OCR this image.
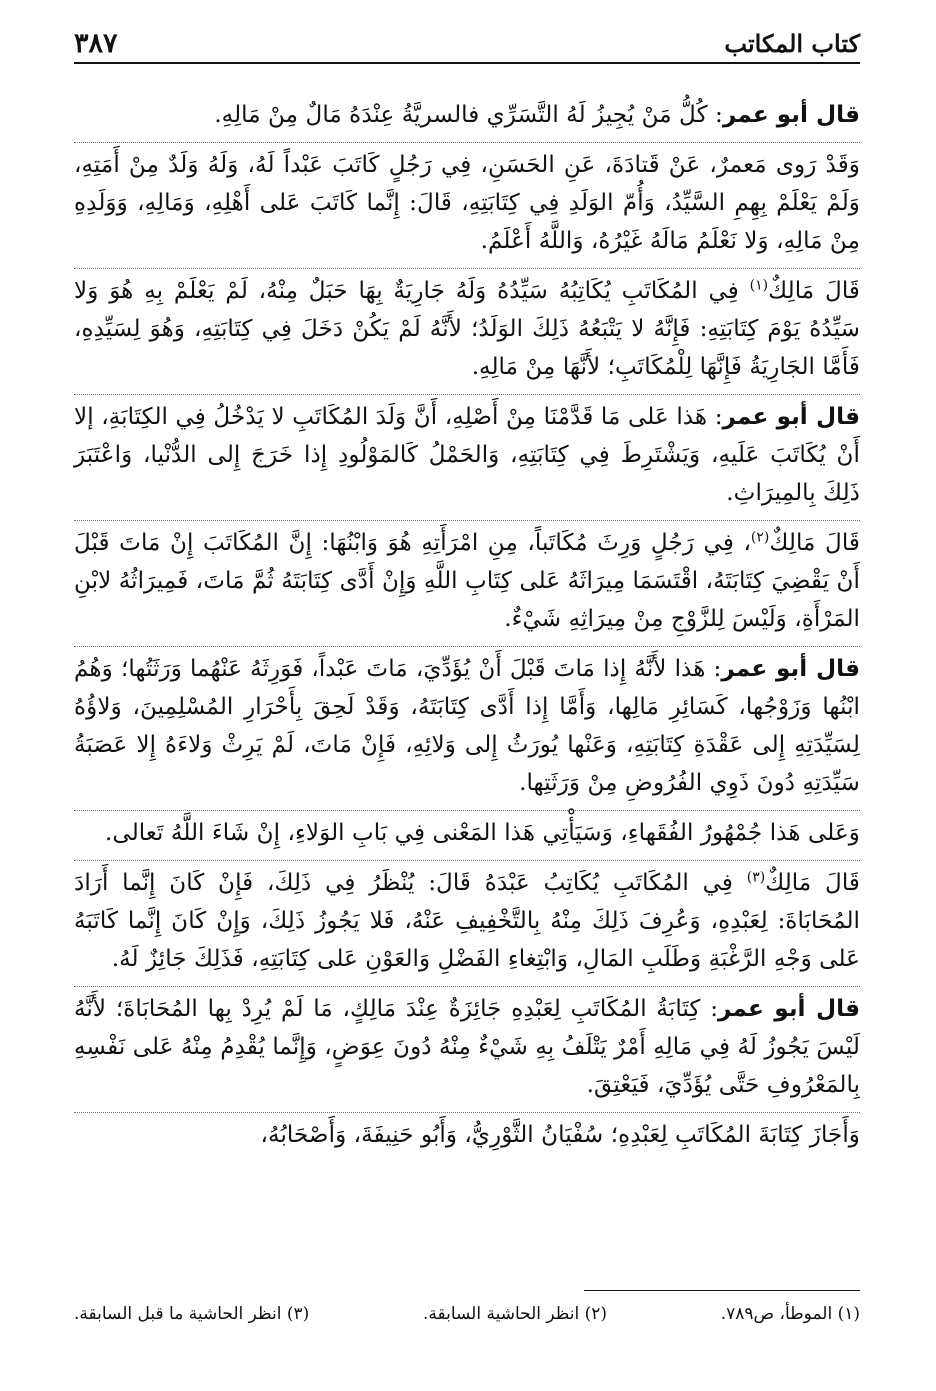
كتاب المكاتب
٣٨٧

قال أبو عمر: كُلُّ مَنْ يُجِيزُ لَهُ التَّسَرِّي فالسريَّةُ عِنْدَهُ مَالٌ مِنْ مَالِهِ.

وَقَدْ رَوى مَعمرٌ، عَنْ قَتادَةَ، عَنِ الحَسَنِ، فِي رَجُلٍ كَاتَبَ عَبْداً لَهُ، وَلَهُ وَلَدٌ مِنْ أَمَتِهِ، وَلَمْ يَعْلَمْ بِهِمِ السَّيِّدُ، وَأُمّ الوَلَدِ فِي كِتَابَتِهِ، قَالَ: إِنَّما كَاتَبَ عَلى أَهْلِهِ، وَمَالِهِ، وَوَلَدِهِ مِنْ مَالِهِ، وَلا نَعْلَمُ مَالَهُ غَيْرُهُ، وَاللَّهُ أَعْلَمُ.

قَالَ مَالِكٌ$^{(١)}$ فِي المُكَاتَبِ يُكَاتِبُهُ سَيِّدُهُ وَلَهُ جَارِيَةٌ بِهَا حَبَلٌ مِنْهُ، لَمْ يَعْلَمْ بِهِ هُوَ وَلا سَيِّدُهُ يَوْمَ كِتَابَتِهِ: فَإِنَّهُ لا يَتْبَعُهُ ذَلِكَ الوَلَدُ؛ لأَنَّهُ لَمْ يَكُنْ دَخَلَ فِي كِتَابَتِهِ، وَهُوَ لِسَيِّدِهِ، فَأَمَّا الجَارِيَةُ فَإِنَّهَا لِلْمُكَاتَبِ؛ لأَنَّهَا مِنْ مَالِهِ.

قال أبو عمر: هَذا عَلى مَا قَدَّمْنَا مِنْ أَصْلِهِ، أَنَّ وَلَدَ المُكَاتَبِ لا يَدْخُلُ فِي الكِتَابَةِ، إلا أَنْ يُكَاتَبَ عَلَيهِ، وَيَشْتَرِطَ فِي كِتَابَتِهِ، وَالحَمْلُ كَالمَوْلُودِ إِذا خَرَجَ إِلى الدُّنْيا، وَاعْتَبَرَ ذَلِكَ بِالمِيرَاثِ.

قَالَ مَالِكٌ$^{(٢)}$، فِي رَجُلٍ وَرِثَ مُكَاتَباً، مِنِ امْرَأَتِهِ هُوَ وَابْنُهَا: إِنَّ المُكَاتَبَ إِنْ مَاتَ قَبْلَ أَنْ يَقْضِيَ كِتَابَتَهُ، اقْتَسَمَا مِيرَاثَهُ عَلى كِتَابِ اللَّهِ وَإِنْ أَدَّى كِتَابَتَهُ ثُمَّ مَاتَ، فَمِيرَاثُهُ لابْنِ المَرْأَةِ، وَلَيْسَ لِلزَّوْجِ مِنْ مِيرَاثِهِ شَيْءٌ.

قال أبو عمر: هَذا لأَنَّهُ إِذا مَاتَ قَبْلَ أَنْ يُؤَدِّيَ، مَاتَ عَبْداً، فَوَرِثَهُ عَنْهُما وَرَثَتُها؛ وَهُمُ ابْنُها وَزَوْجُها، كَسَائِرِ مَالِها، وَأَمَّا إِذا أَدَّى كِتَابَتَهُ، وَقَدْ لَحِقَ بِأَحْرَارِ المُسْلِمِينَ، وَلاؤُهُ لِسَيِّدَتِهِ إِلى عَقْدَةِ كِتَابَتِهِ، وَعَنْها يُورَثُ إِلى وَلائِهِ، فَإِنْ مَاتَ، لَمْ يَرِثْ وَلاءَهُ إِلا عَصَبَةُ سَيِّدَتِهِ دُونَ ذَوِي الفُرُوضِ مِنْ وَرَثَتِها.

وَعَلى هَذا جُمْهُورُ الفُقَهاءِ، وَسَيَأْتِي هَذا المَعْنى فِي بَابِ الوَلاءِ، إِنْ شَاءَ اللَّهُ تَعالى.

قَالَ مَالِكٌ$^{(٣)}$ فِي المُكَاتَبِ يُكَاتِبُ عَبْدَهُ قَالَ: يُنْظَرُ فِي ذَلِكَ، فَإِنْ كَانَ إِنَّما أَرَادَ المُحَابَاةَ: لِعَبْدِهِ، وَعُرِفَ ذَلِكَ مِنْهُ بِالتَّخْفِيفِ عَنْهُ، فَلا يَجُوزُ ذَلِكَ، وَإِنْ كَانَ إِنَّما كَاتَبَهُ عَلى وَجْهِ الرَّغْبَةِ وَطَلَبِ المَالِ، وَابْتِغاءِ الفَضْلِ وَالعَوْنِ عَلى كِتَابَتِهِ، فَذَلِكَ جَائِزٌ لَهُ.

قال أبو عمر: كِتَابَةُ المُكَاتَبِ لِعَبْدِهِ جَائِزَةٌ عِنْدَ مَالِكٍ، مَا لَمْ يُرِدْ بِها المُحَابَاةَ؛ لأَنَّهُ لَيْسَ يَجُوزُ لَهُ فِي مَالِهِ أَمْرٌ يَتْلَفُ بِهِ شَيْءٌ مِنْهُ دُونَ عِوَضٍ، وَإِنَّما يُقْدِمُ مِنْهُ عَلى نَفْسِهِ بِالمَعْرُوفِ حَتَّى يُؤَدِّيَ، فَيَعْتِقَ.

وَأَجَازَ كِتَابَةَ المُكَاتَبِ لِعَبْدِهِ؛ سُفْيَانُ الثَّوْرِيُّ، وَأَبُو حَنِيفَةَ، وَأَصْحَابُهُ،

(١) الموطأ، ص٧٨٩.
(٢) انظر الحاشية السابقة.
(٣) انظر الحاشية ما قبل السابقة.
